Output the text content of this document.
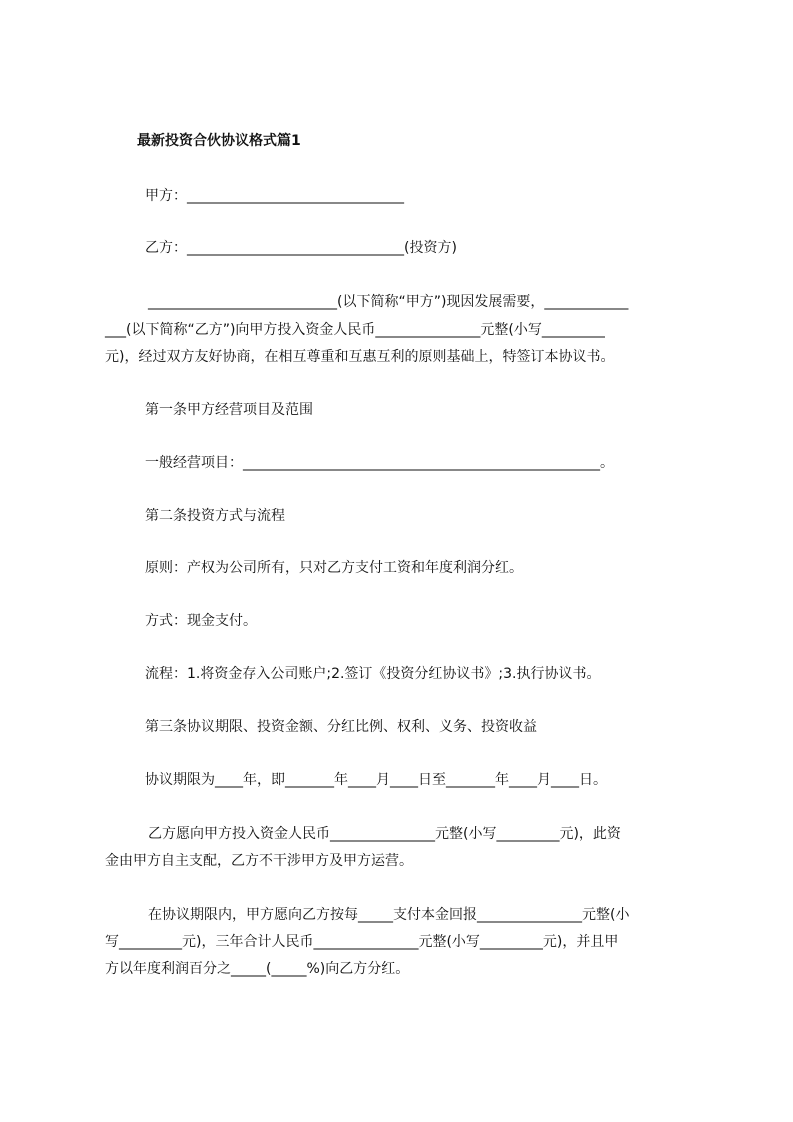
最新投资合伙协议格式篇1
甲方：_______________________________
乙方：_______________________________(投资方)
___________________________(以下简称“甲方”)现因发展需要，____________
___(以下简称“乙方”)向甲方投入资金人民币_______________元整(小写_________
元)，经过双方友好协商，在相互尊重和互惠互利的原则基础上，特签订本协议书。
第一条甲方经营项目及范围
一般经营项目：___________________________________________________。
第二条投资方式与流程
原则：产权为公司所有，只对乙方支付工资和年度利润分红。
方式：现金支付。
流程：1.将资金存入公司账户;2.签订《投资分红协议书》;3.执行协议书。
第三条协议期限、投资金额、分红比例、权利、义务、投资收益
协议期限为____年，即_______年____月____日至_______年____月____日。
乙方愿向甲方投入资金人民币_______________元整(小写_________元)，此资
金由甲方自主支配，乙方不干涉甲方及甲方运营。
在协议期限内，甲方愿向乙方按每_____支付本金回报_______________元整(小
写_________元)，三年合计人民币_______________元整(小写_________元)，并且甲
方以年度利润百分之_____(_____%)向乙方分红。
